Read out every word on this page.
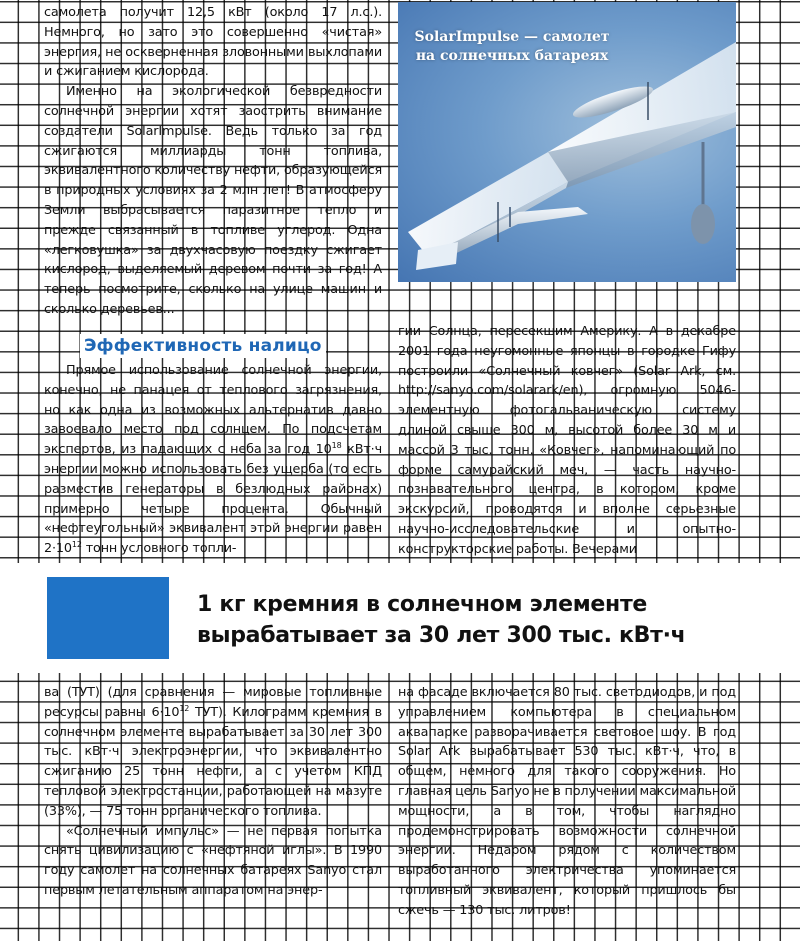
самолета получит 12,5 кВт (около 17 л.с.). Немного, но зато это совершенно «чистая» энергия, не оскверненная зловонными выхлопами и сжиганием кислорода.

Именно на экологической безвредности солнечной энергии хотят заострить внимание создатели SolarImpulse. Ведь только за год сжигаются миллиарды тонн топлива, эквивалентного количеству нефти, образующейся в природных условиях за 2 млн лет! В атмосферу Земли выбрасывается паразитное тепло и прежде связанный в топливе углерод. Одна «легковушка» за двухчасовую поездку сжигает кислород, выделяемый деревом почти за год! А теперь посмотрите, сколько на улице машин и сколько деревьев...

SolarImpulse — самолет
на солнечных батареях
Эффективность налицо

Прямое использование солнечной энергии, конечно, не панацея от теплового загрязнения, но как одна из возможных альтернатив давно завоевало место под солнцем. По подсчетам экспертов, из падающих с неба за год $10^{18}$ кВт·ч энергии можно использовать без ущерба (то есть разместив генераторы в безлюдных районах) примерно четыре процента. Обычный «нефтеугольный» эквивалент этой энергии равен $2\cdot 10^{12}$ тонн условного топли-

гии Солнца, пересекшим Америку. А в декабре 2001 года неугомонные японцы в городке Гифу построили «Солнечный ковчег» (Solar Ark, см. http://sanyo.com/solarark/en), огромную 5046-элементную фотогальваническую систему длиной свыше 300 м, высотой более 30 м и массой 3 тыс. тонн. «Ковчег», напоминающий по форме самурайский меч, — часть научно-познавательного центра, в котором, кроме экскурсий, проводятся и вполне серьезные научно-исследовательские и опытно-конструкторские работы. Вечерами

1 кг кремния в солнечном элементе
вырабатывает за 30 лет 300 тыс. кВт·ч

ва (ТУТ) (для сравнения — мировые топливные ресурсы равны $6\cdot 10^{12}$ ТУТ). Килограмм кремния в солнечном элементе вырабатывает за 30 лет 300 тыс. кВт·ч электроэнергии, что эквивалентно сжиганию 25 тонн нефти, а с учетом КПД тепловой электростанции, работающей на мазуте (33%), — 75 тонн органического топлива.

«Солнечный импульс» — не первая попытка снять цивилизацию с «нефтяной иглы». В 1990 году самолет на солнечных батареях Sanyo стал первым летательным аппаратом на энер-

на фасаде включается 80 тыс. светодиодов, и под управлением компьютера в специальном аквапарке разворачивается световое шоу. В год Solar Ark вырабатывает 530 тыс. кВт·ч, что, в общем, немного для такого сооружения. Но главная цель Sanyo не в получении максимальной мощности, а в том, чтобы наглядно продемонстрировать возможности солнечной энергии. Недаром рядом с количеством выработанного электричества упоминается топливный эквивалент, который пришлось бы сжечь — 130 тыс. литров!
